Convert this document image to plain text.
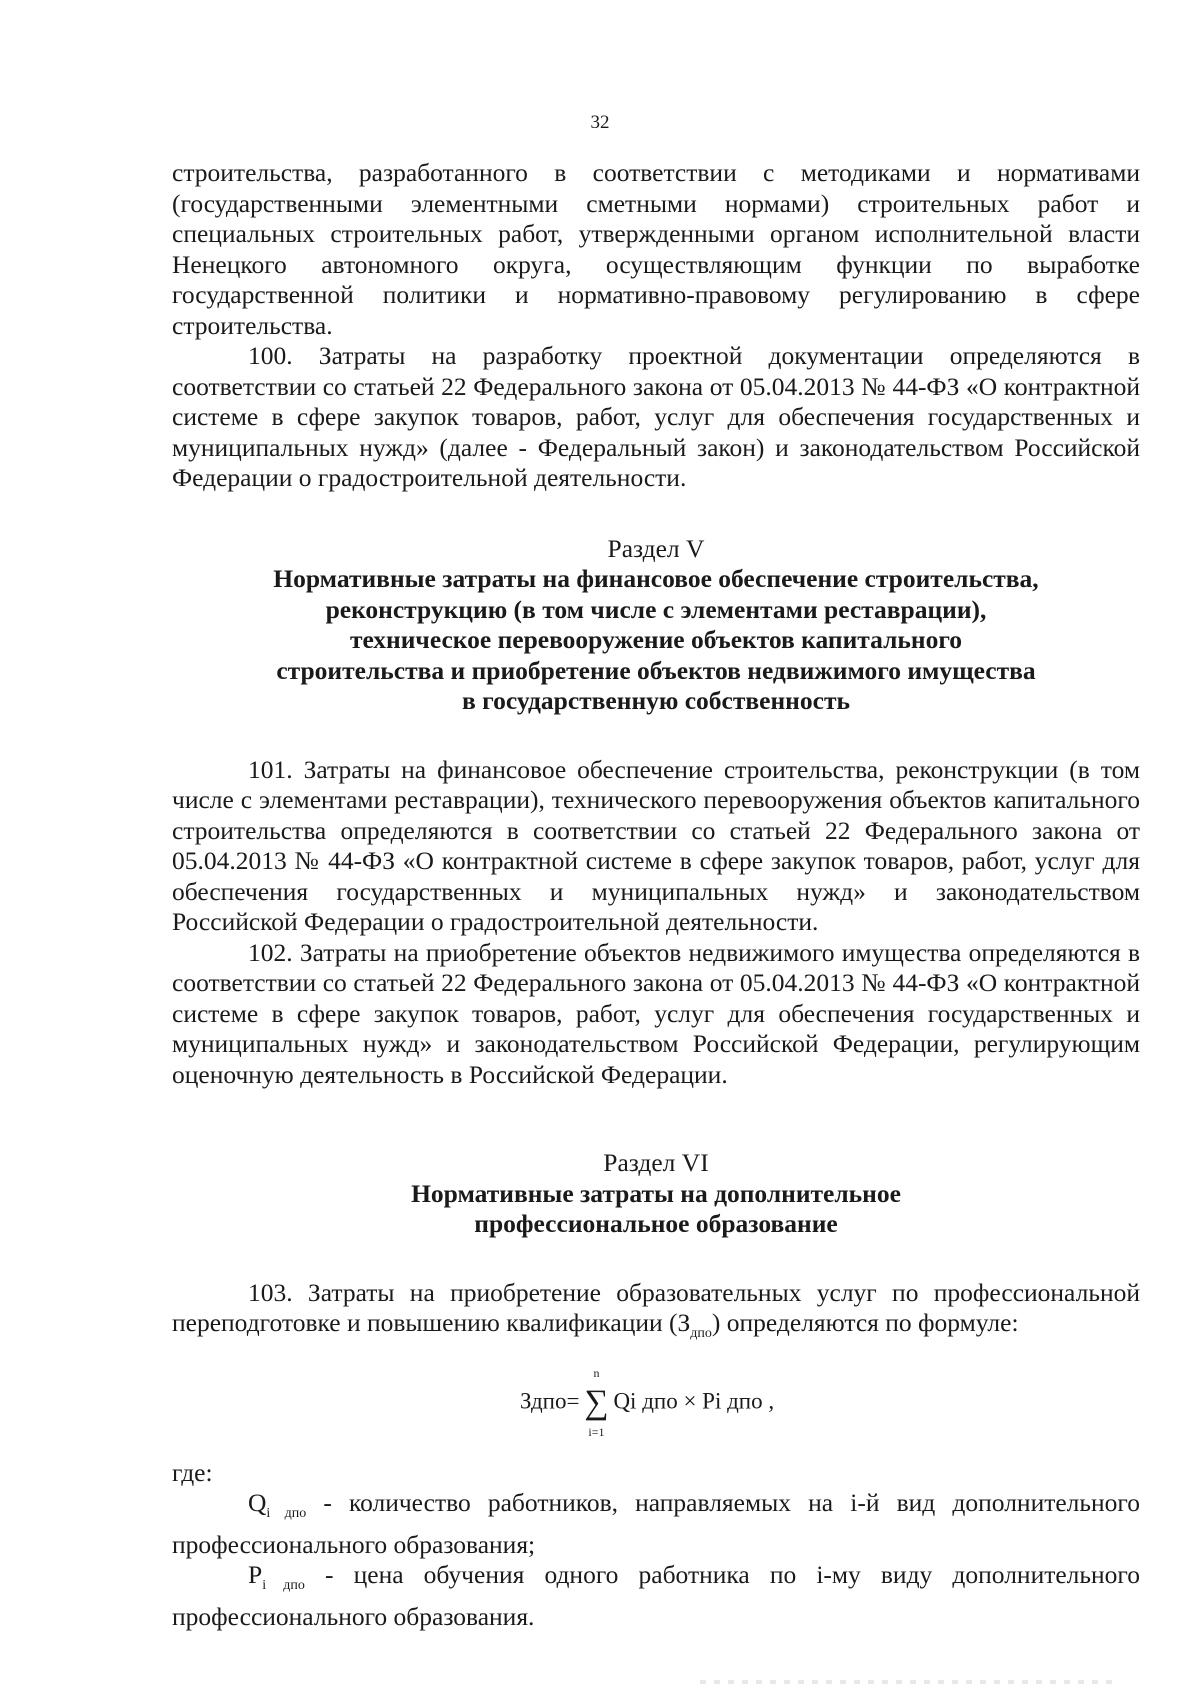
32

строительства, разработанного в соответствии с методиками и нормативами (государственными элементными сметными нормами) строительных работ и специальных строительных работ, утвержденными органом исполнительной власти Ненецкого автономного округа, осуществляющим функции по выработке государственной политики и нормативно-правовому регулированию в сфере строительства.

100. Затраты на разработку проектной документации определяются в соответствии со статьей 22 Федерального закона от 05.04.2013 № 44-ФЗ «О контрактной системе в сфере закупок товаров, работ, услуг для обеспечения государственных и муниципальных нужд» (далее - Федеральный закон) и законодательством Российской Федерации о градостроительной деятельности.

Раздел V
Нормативные затраты на финансовое обеспечение строительства, реконструкцию (в том числе с элементами реставрации), техническое перевооружение объектов капитального строительства и приобретение объектов недвижимого имущества в государственную собственность

101. Затраты на финансовое обеспечение строительства, реконструкции (в том числе с элементами реставрации), технического перевооружения объектов капитального строительства определяются в соответствии со статьей 22 Федерального закона от 05.04.2013 № 44-ФЗ «О контрактной системе в сфере закупок товаров, работ, услуг для обеспечения государственных и муниципальных нужд» и законодательством Российской Федерации о градостроительной деятельности.

102. Затраты на приобретение объектов недвижимого имущества определяются в соответствии со статьей 22 Федерального закона от 05.04.2013 № 44-ФЗ «О контрактной системе в сфере закупок товаров, работ, услуг для обеспечения государственных и муниципальных нужд» и законодательством Российской Федерации, регулирующим оценочную деятельность в Российской Федерации.

Раздел VI
Нормативные затраты на дополнительное профессиональное образование

103. Затраты на приобретение образовательных услуг по профессиональной переподготовке и повышению квалификации $(З_{дпо})$ определяются по формуле:

Здпо=
n
∑
i=1
Qi дпо × Pi дпо ,

где:

$Q_{i дпо}$ - количество работников, направляемых на i-й вид дополнительного профессионального образования;

$P_{i дпо}$ - цена обучения одного работника по i-му виду дополнительного профессионального образования.
